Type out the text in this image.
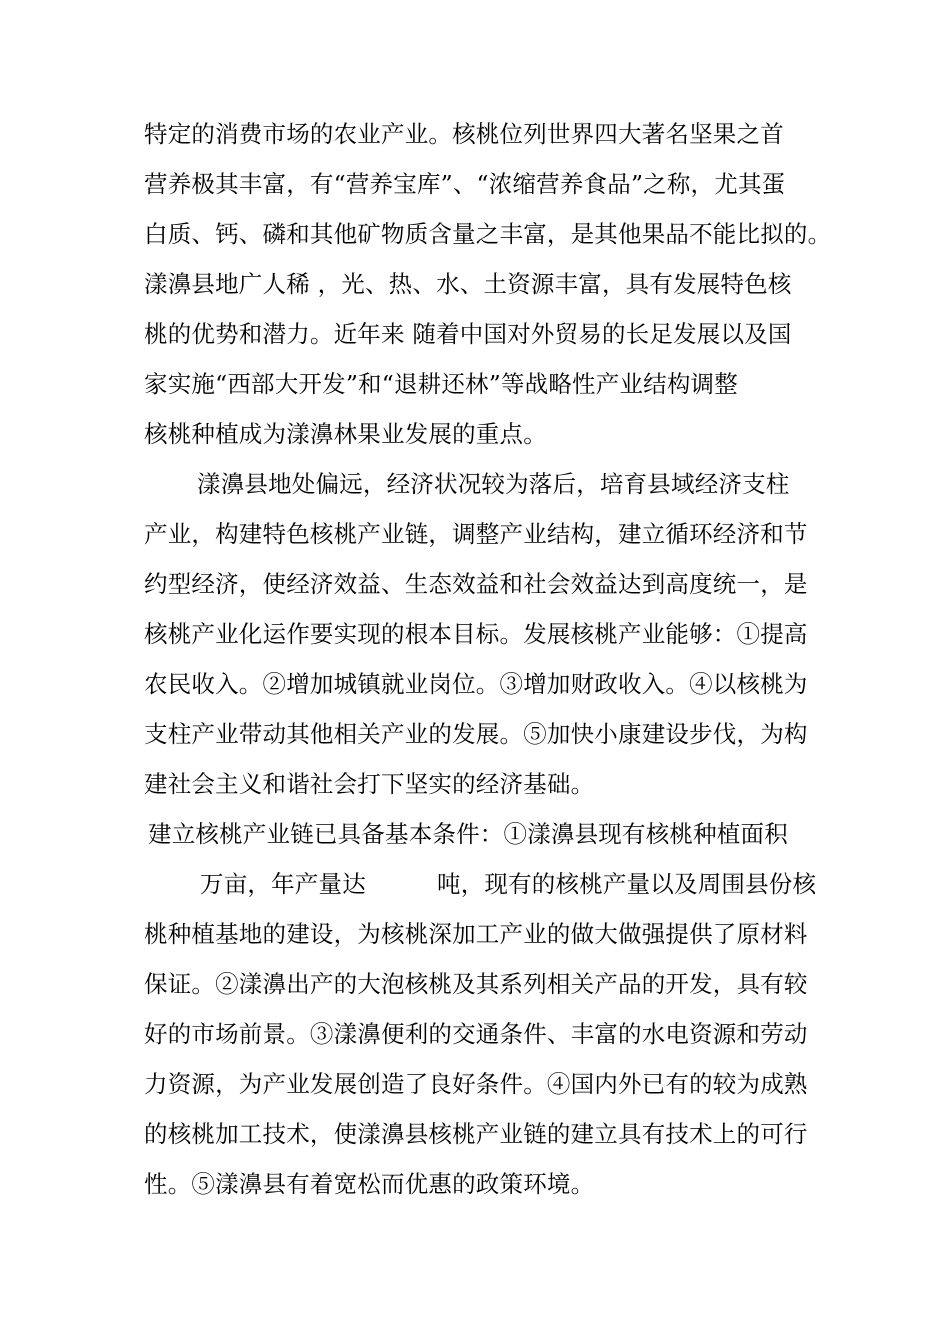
特定的消费市场的农业产业。核桃位列世界四大著名坚果之首
营养极其丰富，有“营养宝库”、“浓缩营养食品”之称，尤其蛋
白质、钙、磷和其他矿物质含量之丰富，是其他果品不能比拟的。
漾濞县地广人稀 ，光、热、水、土资源丰富，具有发展特色核
桃的优势和潜力。近年来 随着中国对外贸易的长足发展以及国
家实施“西部大开发”和“退耕还林”等战略性产业结构调整
核桃种植成为漾濞林果业发展的重点。
漾濞县地处偏远，经济状况较为落后，培育县域经济支柱
产业，构建特色核桃产业链，调整产业结构，建立循环经济和节
约型经济，使经济效益、生态效益和社会效益达到高度统一，是
核桃产业化运作要实现的根本目标。发展核桃产业能够：①提高
农民收入。②增加城镇就业岗位。③增加财政收入。④以核桃为
支柱产业带动其他相关产业的发展。⑤加快小康建设步伐，为构
建社会主义和谐社会打下坚实的经济基础。
建立核桃产业链已具备基本条件：①漾濞县现有核桃种植面积
万亩，年产量达　　　吨，现有的核桃产量以及周围县份核
桃种植基地的建设，为核桃深加工产业的做大做强提供了原材料
保证。②漾濞出产的大泡核桃及其系列相关产品的开发，具有较
好的市场前景。③漾濞便利的交通条件、丰富的水电资源和劳动
力资源，为产业发展创造了良好条件。④国内外已有的较为成熟
的核桃加工技术，使漾濞县核桃产业链的建立具有技术上的可行
性。⑤漾濞县有着宽松而优惠的政策环境。
